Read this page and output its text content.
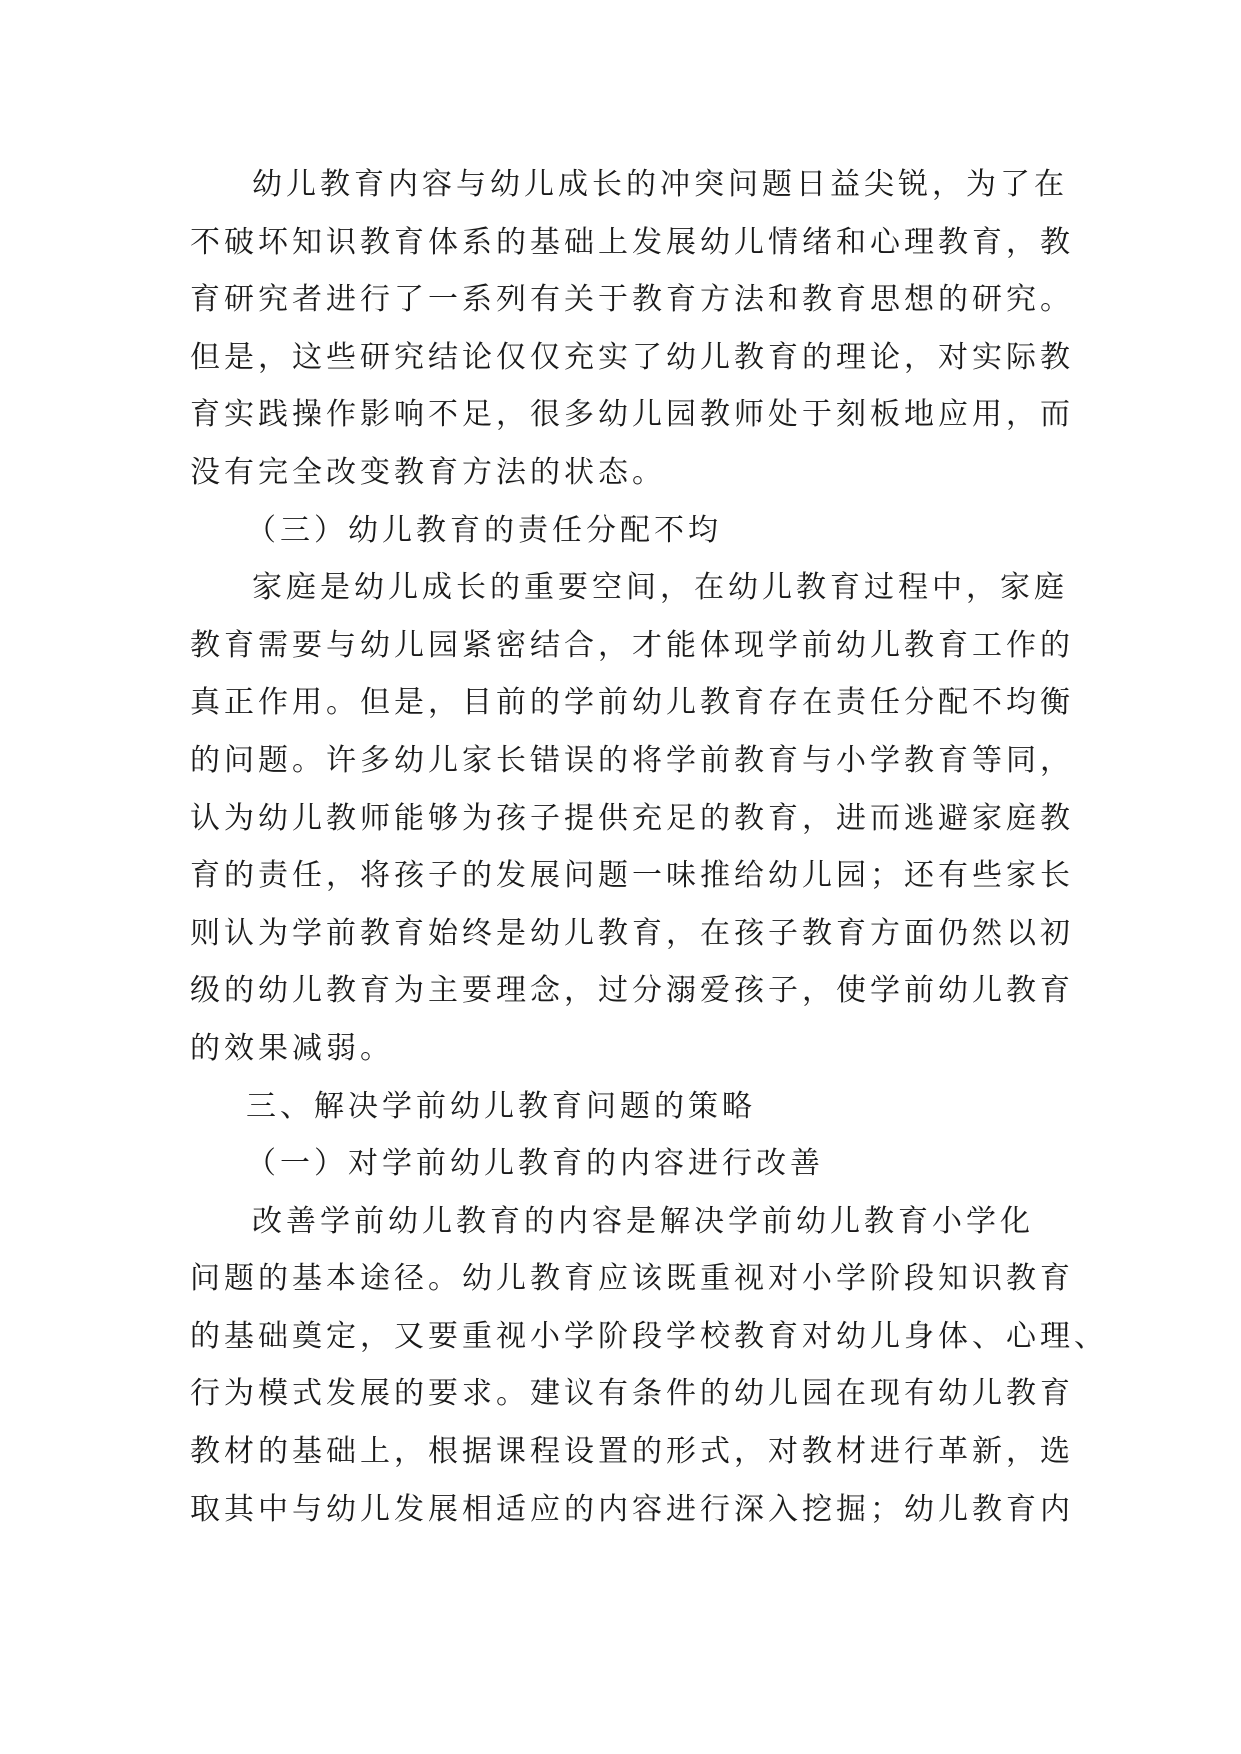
幼儿教育内容与幼儿成长的冲突问题日益尖锐，为了在
不破坏知识教育体系的基础上发展幼儿情绪和心理教育，教
育研究者进行了一系列有关于教育方法和教育思想的研究。
但是，这些研究结论仅仅充实了幼儿教育的理论，对实际教
育实践操作影响不足，很多幼儿园教师处于刻板地应用，而
没有完全改变教育方法的状态。
（三）幼儿教育的责任分配不均
家庭是幼儿成长的重要空间，在幼儿教育过程中，家庭
教育需要与幼儿园紧密结合，才能体现学前幼儿教育工作的
真正作用。但是，目前的学前幼儿教育存在责任分配不均衡
的问题。许多幼儿家长错误的将学前教育与小学教育等同，
认为幼儿教师能够为孩子提供充足的教育，进而逃避家庭教
育的责任，将孩子的发展问题一味推给幼儿园；还有些家长
则认为学前教育始终是幼儿教育，在孩子教育方面仍然以初
级的幼儿教育为主要理念，过分溺爱孩子，使学前幼儿教育
的效果减弱。
三、解决学前幼儿教育问题的策略
（一）对学前幼儿教育的内容进行改善
改善学前幼儿教育的内容是解决学前幼儿教育小学化
问题的基本途径。幼儿教育应该既重视对小学阶段知识教育
的基础奠定，又要重视小学阶段学校教育对幼儿身体、心理、
行为模式发展的要求。建议有条件的幼儿园在现有幼儿教育
教材的基础上，根据课程设置的形式，对教材进行革新，选
取其中与幼儿发展相适应的内容进行深入挖掘；幼儿教育内
